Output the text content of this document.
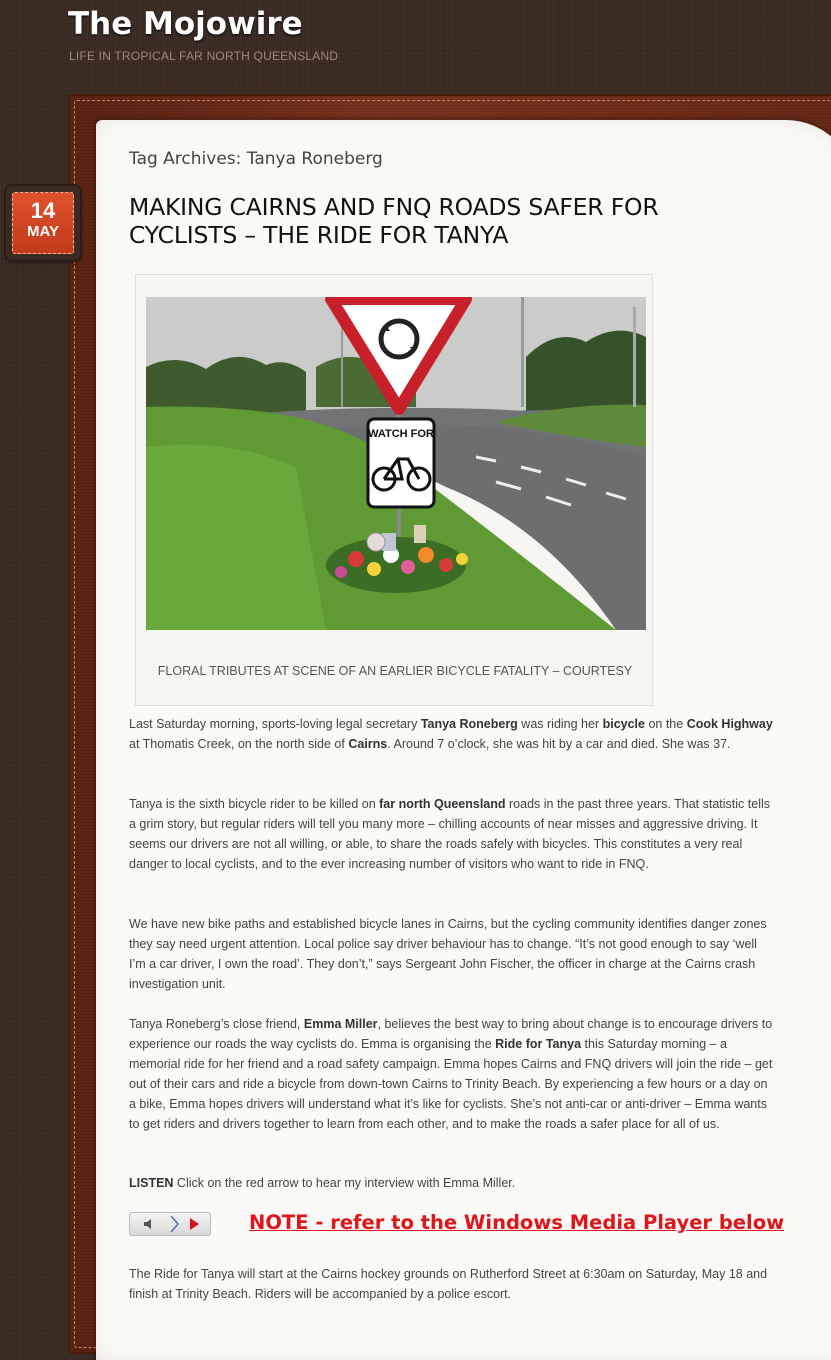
The Mojowire

LIFE IN TROPICAL FAR NORTH QUEENSLAND

14
MAY
Tag Archives: Tanya Roneberg
MAKING CAIRNS AND FNQ ROADS SAFER FOR CYCLISTS – THE RIDE FOR TANYA
WATCH FOR

FLORAL TRIBUTES AT SCENE OF AN EARLIER BICYCLE FATALITY – COURTESY

Last Saturday morning, sports-loving legal secretary Tanya Roneberg was riding her bicycle on the Cook Highway at Thomatis Creek, on the north side of Cairns. Around 7 o’clock, she was hit by a car and died. She was 37.

Tanya is the sixth bicycle rider to be killed on far north Queensland roads in the past three years. That statistic tells a grim story, but regular riders will tell you many more – chilling accounts of near misses and aggressive driving. It seems our drivers are not all willing, or able, to share the roads safely with bicycles. This constitutes a very real danger to local cyclists, and to the ever increasing number of visitors who want to ride in FNQ.

We have new bike paths and established bicycle lanes in Cairns, but the cycling community identifies danger zones they say need urgent attention. Local police say driver behaviour has to change. “It’s not good enough to say ‘well I’m a car driver, I own the road’. They don’t,” says Sergeant John Fischer, the officer in charge at the Cairns crash investigation unit.

Tanya Roneberg’s close friend, Emma Miller, believes the best way to bring about change is to encourage drivers to experience our roads the way cyclists do. Emma is organising the Ride for Tanya this Saturday morning – a memorial ride for her friend and a road safety campaign. Emma hopes Cairns and FNQ drivers will join the ride – get out of their cars and ride a bicycle from down-town Cairns to Trinity Beach. By experiencing a few hours or a day on a bike, Emma hopes drivers will understand what it’s like for cyclists. She’s not anti-car or anti-driver – Emma wants to get riders and drivers together to learn from each other, and to make the roads a safer place for all of us.

LISTEN Click on the red arrow to hear my interview with Emma Miller.

NOTE - refer to the Windows Media Player below

The Ride for Tanya will start at the Cairns hockey grounds on Rutherford Street at 6:30am on Saturday, May 18 and finish at Trinity Beach. Riders will be accompanied by a police escort.
